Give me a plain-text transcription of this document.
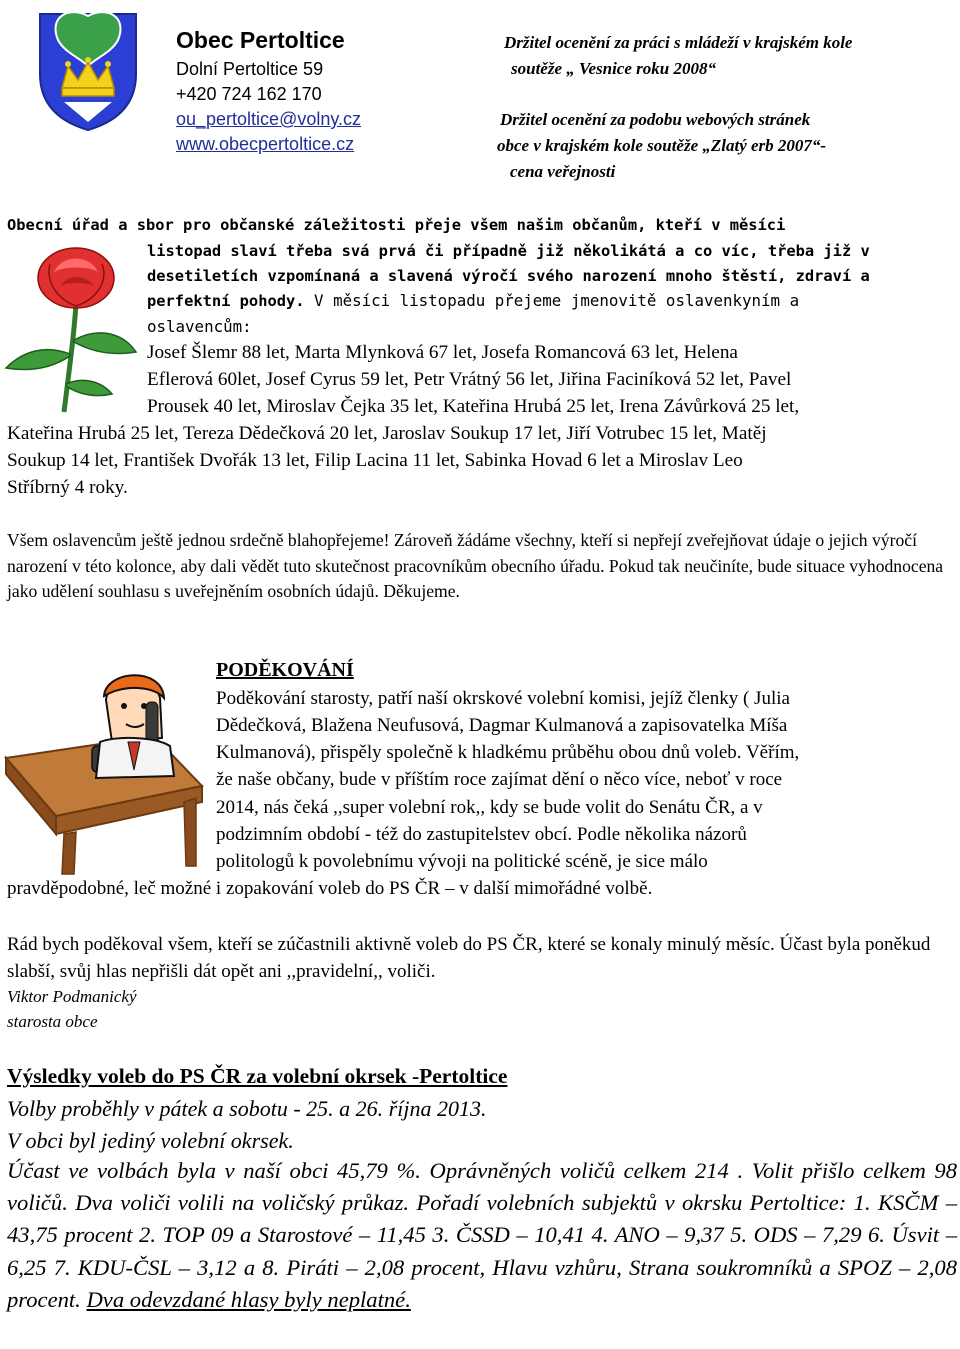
Obec Pertoltice
Dolní Pertoltice 59
+420 724 162 170
ou_pertoltice@volny.cz
www.obecpertoltice.cz
Držitel ocenění za práci s mládeží v krajském kole
soutěže „ Vesnice roku 2008“
Držitel ocenění za podobu webových stránek
obce v krajském kole soutěže „Zlatý erb 2007“-
cena veřejnosti
Obecní úřad a sbor pro občanské záležitosti přeje všem našim občanům, kteří v měsíci
listopad slaví třeba svá prvá či případně již několikátá a co víc, třeba již v
desetiletích vzpomínaná a slavená výročí svého narození mnoho štěstí, zdraví a
perfektní pohody. V měsíci listopadu přejeme jmenovitě oslavenkyním a
oslavencům:
Josef Šlemr 88 let, Marta Mlynková 67 let, Josefa Romancová 63 let, Helena
Eflerová 60let, Josef Cyrus 59 let, Petr Vrátný 56 let, Jiřina Faciníková 52 let, Pavel
Prousek 40 let, Miroslav Čejka 35 let, Kateřina Hrubá 25 let, Irena Závůrková 25 let,
Kateřina Hrubá 25 let, Tereza Dědečková 20 let, Jaroslav Soukup 17 let, Jiří Votrubec 15 let, Matěj
Soukup 14 let, František Dvořák 13 let, Filip Lacina 11 let, Sabinka Hovad 6 let a Miroslav Leo
Stříbrný 4 roky.
Všem oslavencům ještě jednou srdečně blahopřejeme! Zároveň žádáme všechny, kteří si nepřejí zveřejňovat údaje o jejich výročí narození v této kolonce, aby dali vědět tuto skutečnost pracovníkům obecního úřadu. Pokud tak neučiníte, bude situace vyhodnocena jako udělení souhlasu s uveřejněním osobních údajů. Děkujeme.
PODĚKOVÁNÍ
Poděkování starosty, patří naší okrskové volební komisi, jejíž členky ( Julia
Dědečková, Blažena Neufusová, Dagmar Kulmanová a zapisovatelka Míša
Kulmanová), přispěly společně k hladkému průběhu obou dnů voleb. Věřím,
že naše občany, bude v příštím roce zajímat dění o něco více, neboť v roce
2014, nás čeká ,,super volební rok,, kdy se bude volit do Senátu ČR, a v
podzimním období - též do zastupitelstev obcí. Podle několika názorů
politologů k povolebnímu vývoji na politické scéně, je sice málo
pravděpodobné, leč možné i zopakování voleb do PS ČR – v další mimořádné volbě.
Rád bych poděkoval všem, kteří se zúčastnili aktivně voleb do PS ČR, které se konaly minulý měsíc. Účast byla poněkud slabší, svůj hlas nepřišli dát opět ani ,,pravidelní,, voliči.
Viktor Podmanický
starosta obce
Výsledky voleb do PS ČR za volební okrsek -Pertoltice
Volby proběhly v pátek a sobotu - 25. a 26. října 2013.
V obci byl jediný volební okrsek.
Účast ve volbách byla v naší obci 45,79 %. Oprávněných voličů celkem 214 . Volit přišlo celkem 98 voličů. Dva voliči volili na voličský průkaz. Pořadí volebních subjektů v okrsku Pertoltice: 1. KSČM – 43,75 procent 2. TOP 09 a Starostové – 11,45 3. ČSSD – 10,41 4. ANO – 9,37 5. ODS – 7,29 6. Úsvit – 6,25 7. KDU-ČSL – 3,12 a 8. Piráti – 2,08 procent, Hlavu vzhůru, Strana soukromníků a SPOZ – 2,08 procent. Dva odevzdané hlasy byly neplatné.
